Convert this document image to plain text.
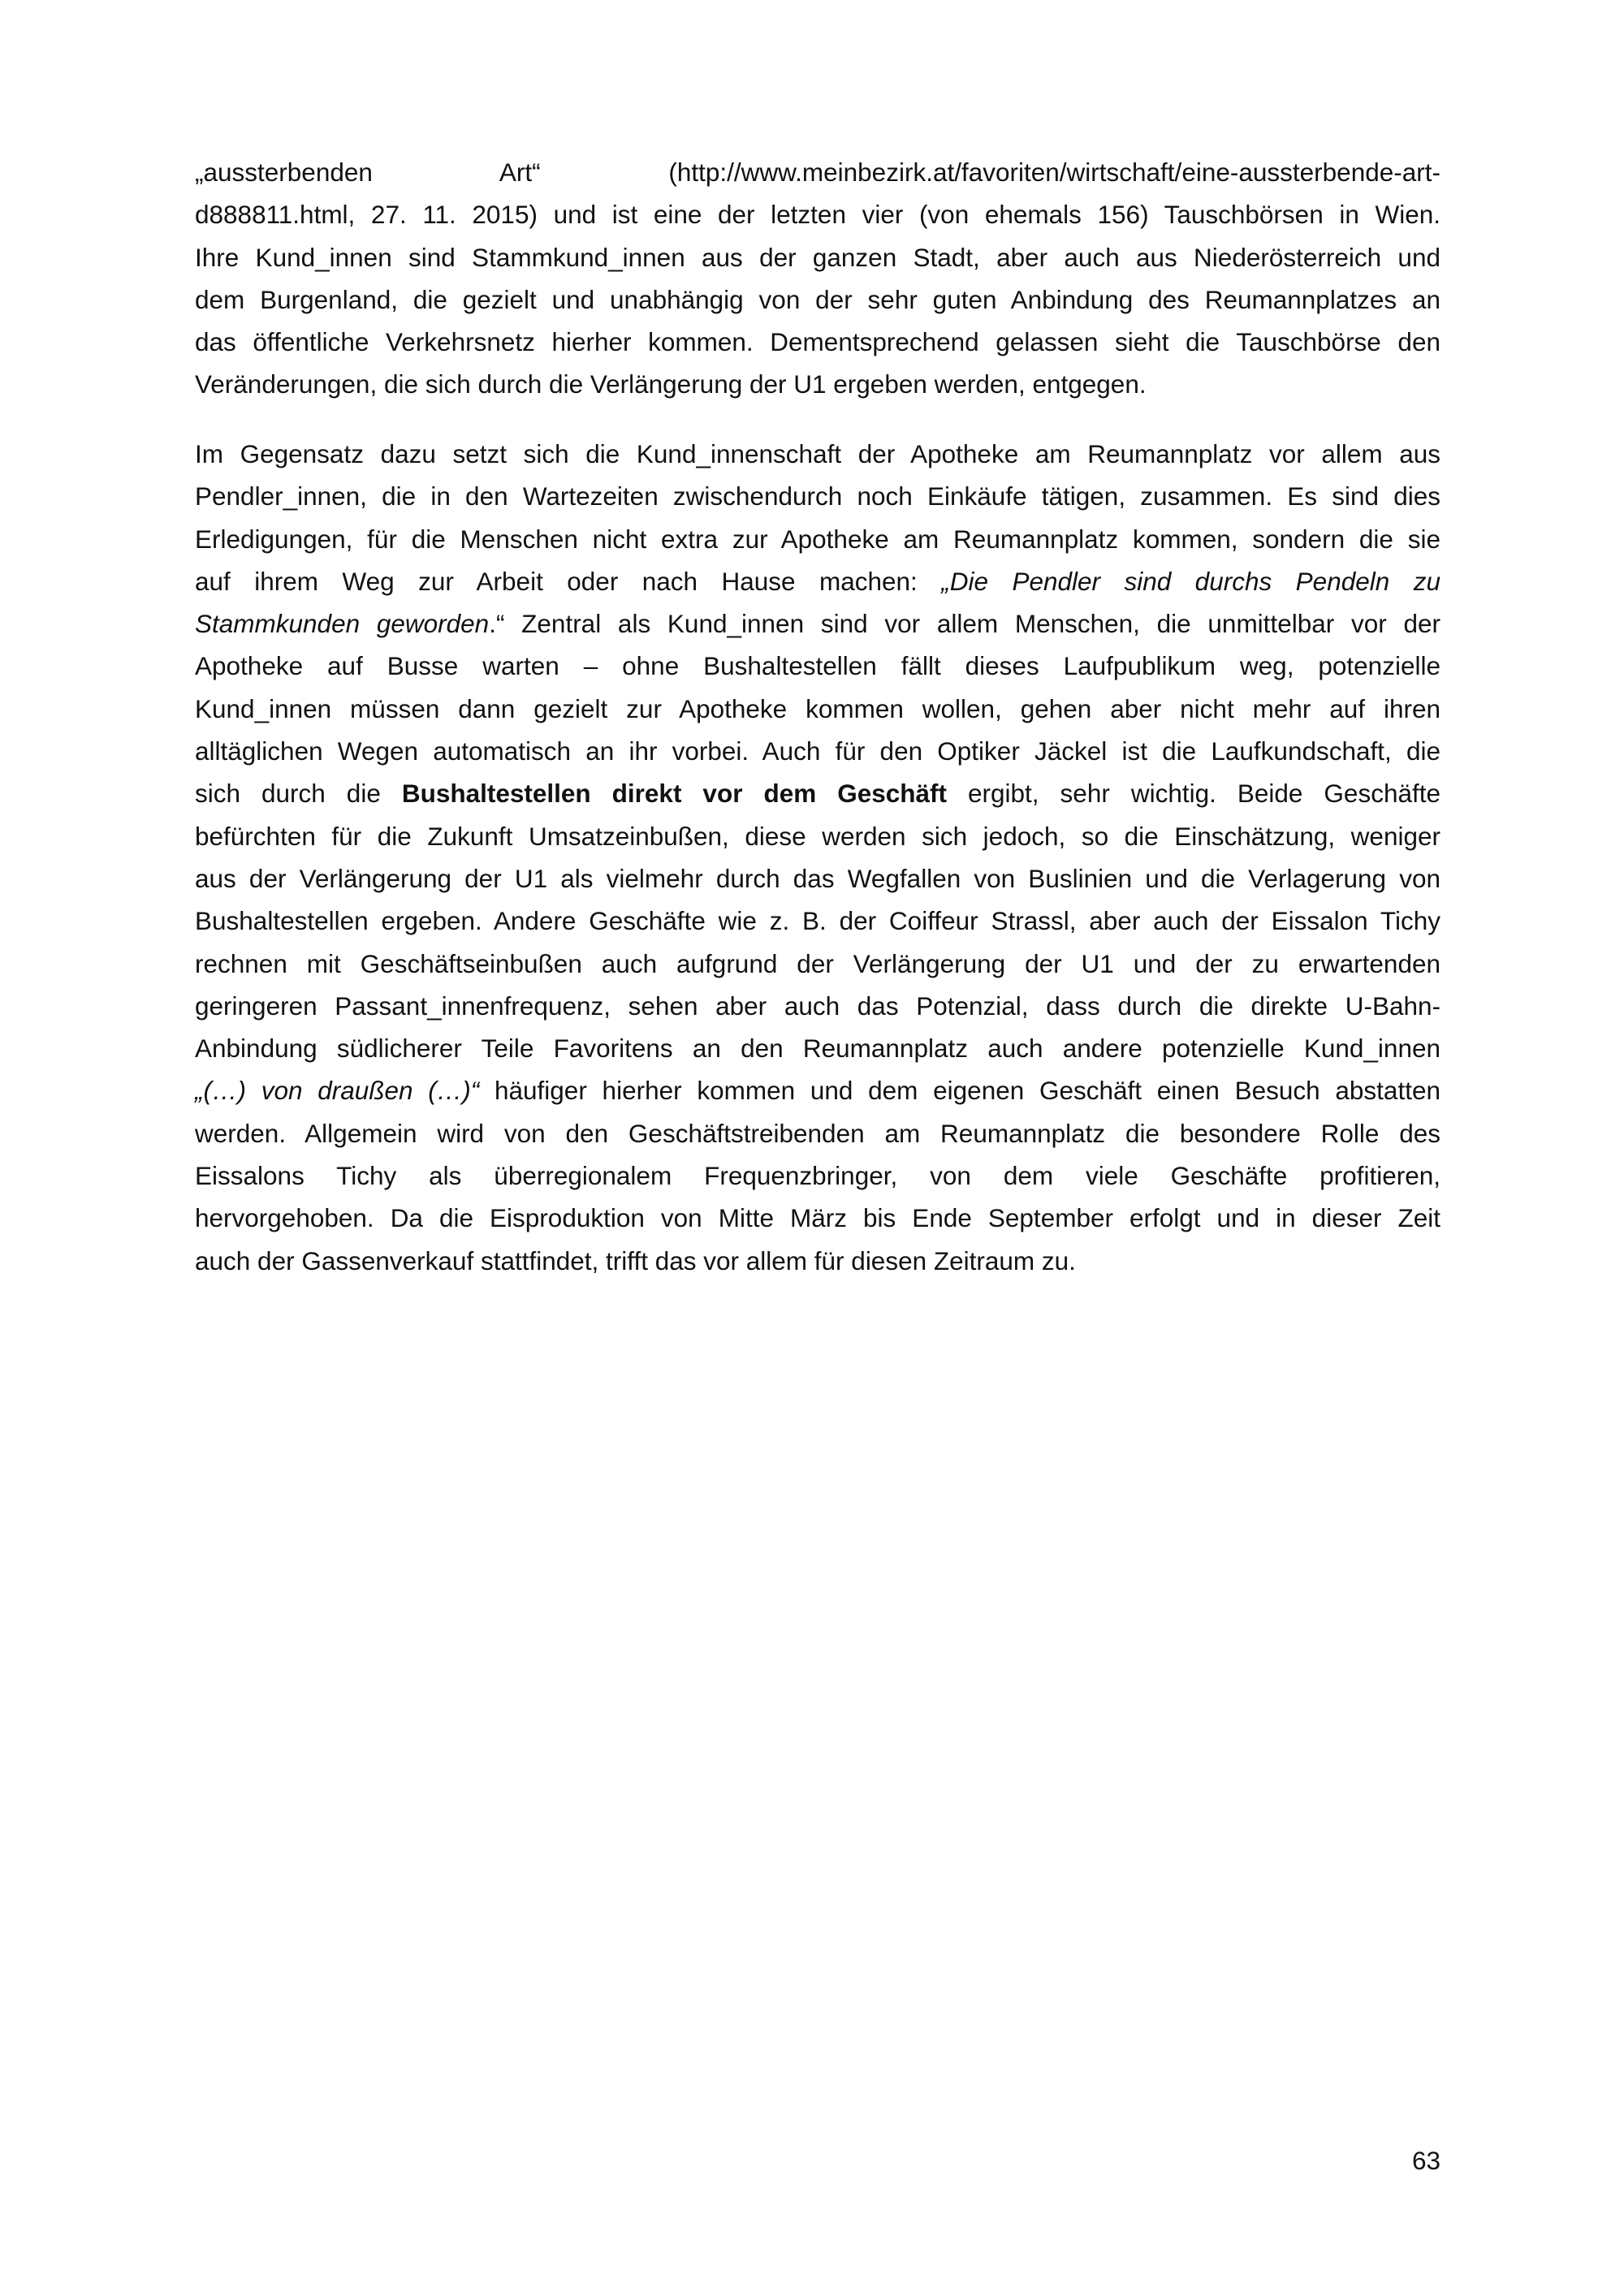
„aussterbenden Art“ (http://www.meinbezirk.at/favoriten/wirtschaft/eine-aussterbende-art-
d888811.html, 27. 11. 2015) und ist eine der letzten vier (von ehemals 156) Tauschbörsen in Wien.
Ihre Kund_innen sind Stammkund_innen aus der ganzen Stadt, aber auch aus Niederösterreich und
dem Burgenland, die gezielt und unabhängig von der sehr guten Anbindung des Reumannplatzes an
das öffentliche Verkehrsnetz hierher kommen. Dementsprechend gelassen sieht die Tauschbörse den
Veränderungen, die sich durch die Verlängerung der U1 ergeben werden, entgegen.
Im Gegensatz dazu setzt sich die Kund_innenschaft der Apotheke am Reumannplatz vor allem aus
Pendler_innen, die in den Wartezeiten zwischendurch noch Einkäufe tätigen, zusammen. Es sind dies
Erledigungen, für die Menschen nicht extra zur Apotheke am Reumannplatz kommen, sondern die sie
auf ihrem Weg zur Arbeit oder nach Hause machen: „Die Pendler sind durchs Pendeln zu
Stammkunden geworden.“ Zentral als Kund_innen sind vor allem Menschen, die unmittelbar vor der
Apotheke auf Busse warten – ohne Bushaltestellen fällt dieses Laufpublikum weg, potenzielle
Kund_innen müssen dann gezielt zur Apotheke kommen wollen, gehen aber nicht mehr auf ihren
alltäglichen Wegen automatisch an ihr vorbei. Auch für den Optiker Jäckel ist die Laufkundschaft, die
sich durch die Bushaltestellen direkt vor dem Geschäft ergibt, sehr wichtig. Beide Geschäfte
befürchten für die Zukunft Umsatzeinbußen, diese werden sich jedoch, so die Einschätzung, weniger
aus der Verlängerung der U1 als vielmehr durch das Wegfallen von Buslinien und die Verlagerung von
Bushaltestellen ergeben. Andere Geschäfte wie z. B. der Coiffeur Strassl, aber auch der Eissalon Tichy
rechnen mit Geschäftseinbußen auch aufgrund der Verlängerung der U1 und der zu erwartenden
geringeren Passant_innenfrequenz, sehen aber auch das Potenzial, dass durch die direkte U-Bahn-
Anbindung südlicherer Teile Favoritens an den Reumannplatz auch andere potenzielle Kund_innen
„(…) von draußen (…)“ häufiger hierher kommen und dem eigenen Geschäft einen Besuch abstatten
werden. Allgemein wird von den Geschäftstreibenden am Reumannplatz die besondere Rolle des
Eissalons Tichy als überregionalem Frequenzbringer, von dem viele Geschäfte profitieren,
hervorgehoben. Da die Eisproduktion von Mitte März bis Ende September erfolgt und in dieser Zeit
auch der Gassenverkauf stattfindet, trifft das vor allem für diesen Zeitraum zu.
63
